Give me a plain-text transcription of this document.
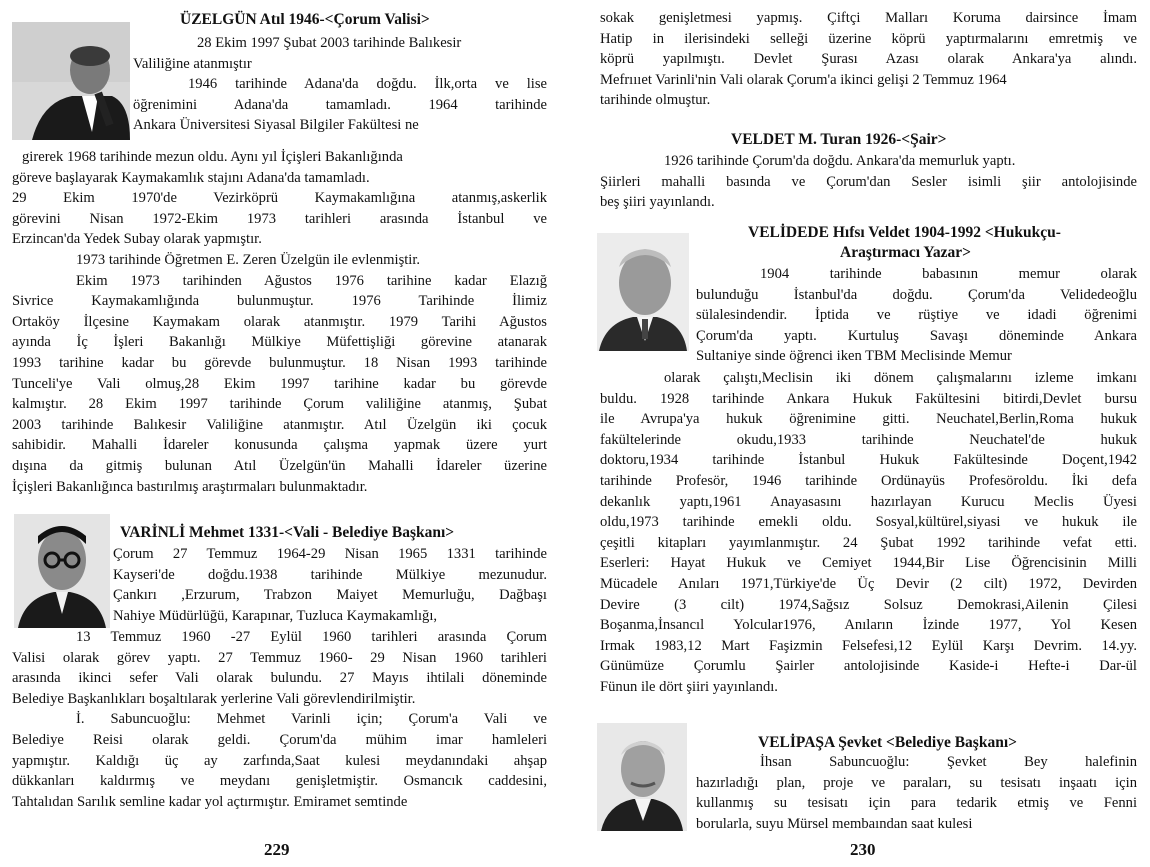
ÜZELGÜN Atıl 1946-<Çorum Valisi>
28 Ekim 1997 Şubat 2003 tarihinde Balıkesir
Valiliğine atanmıştır
1946 tarihinde Adana'da doğdu. İlk,orta ve lise
öğrenimini Adana'da tamamladı. 1964 tarihinde
Ankara Üniversitesi Siyasal Bilgiler Fakültesi ne
girerek 1968 tarihinde mezun oldu. Aynı yıl İçişleri Bakanlığında
göreve başlayarak Kaymakamlık stajını Adana'da tamamladı.
29 Ekim 1970'de Vezirköprü Kaymakamlığına atanmış,askerlik
görevini Nisan 1972-Ekim 1973 tarihleri arasında İstanbul ve
Erzincan'da Yedek Subay olarak yapmıştır.
1973 tarihinde Öğretmen E. Zeren Üzelgün ile evlenmiştir.
Ekim 1973 tarihinden Ağustos 1976 tarihine kadar Elazığ
Sivrice Kaymakamlığında bulunmuştur. 1976 Tarihinde İlimiz
Ortaköy İlçesine Kaymakam olarak atanmıştır. 1979 Tarihi Ağustos
ayında İç İşleri Bakanlığı Mülkiye Müfettişliği görevine atanarak
1993 tarihine kadar bu görevde bulunmuştur. 18 Nisan 1993 tarihinde
Tunceli'ye Vali olmuş,28 Ekim 1997 tarihine kadar bu görevde
kalmıştır. 28 Ekim 1997 tarihinde Çorum valiliğine atanmış, Şubat
2003 tarihinde Balıkesir Valiliğine atanmıştır. Atıl Üzelgün iki çocuk
sahibidir. Mahalli İdareler konusunda çalışma yapmak üzere yurt
dışına da gitmiş bulunan Atıl Üzelgün'ün Mahalli İdareler üzerine
İçişleri Bakanlığınca bastırılmış araştırmaları bulunmaktadır.
VARİNLİ Mehmet 1331-<Vali - Belediye Başkanı>
Çorum 27 Temmuz 1964-29 Nisan 1965 1331 tarihinde
Kayseri'de doğdu.1938 tarihinde Mülkiye mezunudur.
Çankırı ,Erzurum, Trabzon Maiyet Memurluğu, Dağbaşı
Nahiye Müdürlüğü, Karapınar, Tuzluca Kaymakamlığı,
13 Temmuz 1960 -27 Eylül 1960 tarihleri arasında Çorum
Valisi olarak görev yaptı. 27 Temmuz 1960- 29 Nisan 1960 tarihleri
arasında ikinci sefer Vali olarak bulundu. 27 Mayıs ihtilali döneminde
Belediye Başkanlıkları boşaltılarak yerlerine Vali görevlendirilmiştir.
İ. Sabuncuoğlu: Mehmet Varinli için; Çorum'a Vali ve
Belediye Reisi olarak geldi. Çorum'da mühim imar hamleleri
yapmıştır. Kaldığı üç ay zarfında,Saat kulesi meydanındaki ahşap
dükkanları kaldırmış ve meydanı genişletmiştir. Osmancık caddesini,
Tahtalıdan Sarılık semline kadar yol açtırmıştır. Emiramet semtinde
229
sokak genişletmesi yapmış. Çiftçi Malları Koruma dairsince İmam
Hatip in ilerisindeki selleği üzerine köprü yaptırmalarını emretmiş ve
köprü yapılmıştı. Devlet Şurası Azası olarak Ankara'ya alındı.
Mefrıııet Varinli'nin Vali olarak Çorum'a ikinci gelişi 2 Temmuz 1964
tarihinde olmuştur.
VELDET M. Turan 1926-<Şair>
1926 tarihinde Çorum'da doğdu. Ankara'da memurluk yaptı.
Şiirleri mahalli basında ve Çorum'dan Sesler isimli şiir antolojisinde
beş şiiri yayınlandı.
VELİDEDE Hıfsı Veldet 1904-1992 <Hukukçu-
Araştırmacı Yazar>
1904 tarihinde babasının memur olarak
bulunduğu İstanbul'da doğdu. Çorum'da Velidedeoğlu
sülalesindendir. İptida ve rüştiye ve idadi öğrenimi
Çorum'da yaptı. Kurtuluş Savaşı döneminde Ankara
Sultaniye sinde öğrenci iken TBM Meclisinde Memur
olarak çalıştı,Meclisin iki dönem çalışmalarını izleme imkanı
buldu. 1928 tarihinde Ankara Hukuk Fakültesini bitirdi,Devlet bursu
ile Avrupa'ya hukuk öğrenimine gitti. Neuchatel,Berlin,Roma hukuk
fakültelerinde okudu,1933 tarihinde Neuchatel'de hukuk
doktoru,1934 tarihinde İstanbul Hukuk Fakültesinde Doçent,1942
tarihinde Profesör, 1946 tarihinde Ordünayüs Profesöroldu. İki defa
dekanlık yaptı,1961 Anayasasını hazırlayan Kurucu Meclis Üyesi
oldu,1973 tarihinde emekli oldu. Sosyal,kültürel,siyasi ve hukuk ile
çeşitli kitapları yayımlanmıştır. 24 Şubat 1992 tarihinde vefat etti.
Eserleri: Hayat Hukuk ve Cemiyet 1944,Bir Lise Öğrencisinin Milli
Mücadele Anıları 1971,Türkiye'de Üç Devir (2 cilt) 1972, Devirden
Devire (3 cilt) 1974,Sağsız Solsuz Demokrasi,Ailenin Çilesi
Boşanma,İnsancıl Yolcular1976, Anıların İzinde 1977, Yol Kesen
Irmak 1983,12 Mart Faşizmin Felsefesi,12 Eylül Karşı Devrim. 14.yy.
Günümüze Çorumlu Şairler antolojisinde Kaside-i Hefte-i Dar-ül
Fünun ile dört şiiri yayınlandı.
VELİPAŞA Şevket <Belediye Başkanı>
İhsan Sabuncuoğlu: Şevket Bey halefinin
hazırladığı plan, proje ve paraları, su tesisatı inşaatı için
kullanmış su tesisatı için para tedarik etmiş ve Fenni
borularla, suyu Mürsel membaından saat kulesi
230
